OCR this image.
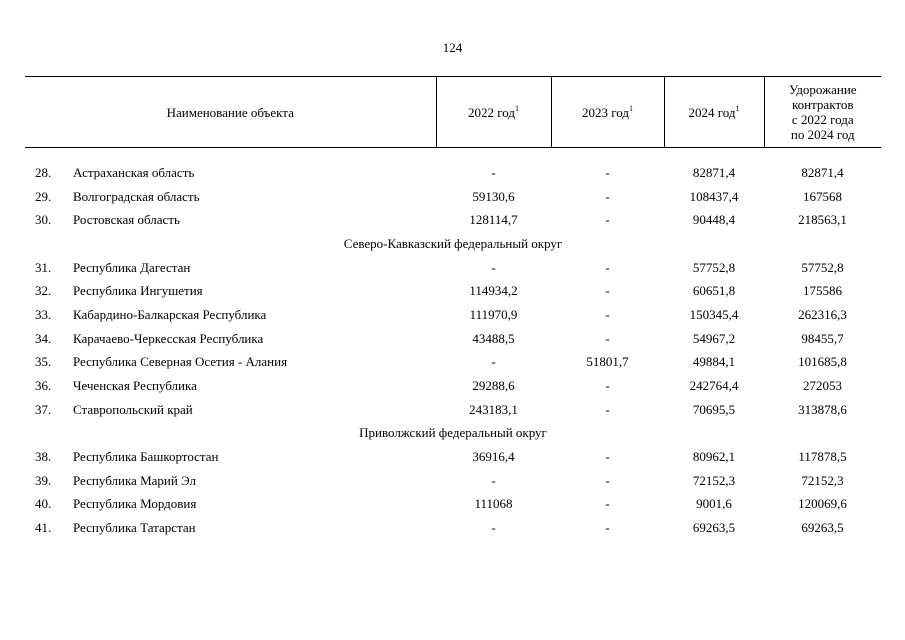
124
Наименование объекта		2022 год$^1$	2023 год$^1$	2024 год$^1$	Удорожание
контрактов
с 2022 года
по 2024 год

28.	Астраханская область	-	-	82871,4	82871,4
29.	Волгоградская область	59130,6	-	108437,4	167568
30.	Ростовская область	128114,7	-	90448,4	218563,1
Северо-Кавказский федеральный округ					
31.	Республика Дагестан	-	-	57752,8	57752,8
32.	Республика Ингушетия	114934,2	-	60651,8	175586
33.	Кабардино-Балкарская Республика	111970,9	-	150345,4	262316,3
34.	Карачаево-Черкесская Республика	43488,5	-	54967,2	98455,7
35.	Республика Северная Осетия - Алания	-	51801,7	49884,1	101685,8
36.	Чеченская Республика	29288,6	-	242764,4	272053
37.	Ставропольский край	243183,1	-	70695,5	313878,6
Приволжский федеральный округ					
38.	Республика Башкортостан	36916,4	-	80962,1	117878,5
39.	Республика Марий Эл	-	-	72152,3	72152,3
40.	Республика Мордовия	111068	-	9001,6	120069,6
41.	Республика Татарстан	-	-	69263,5	69263,5
